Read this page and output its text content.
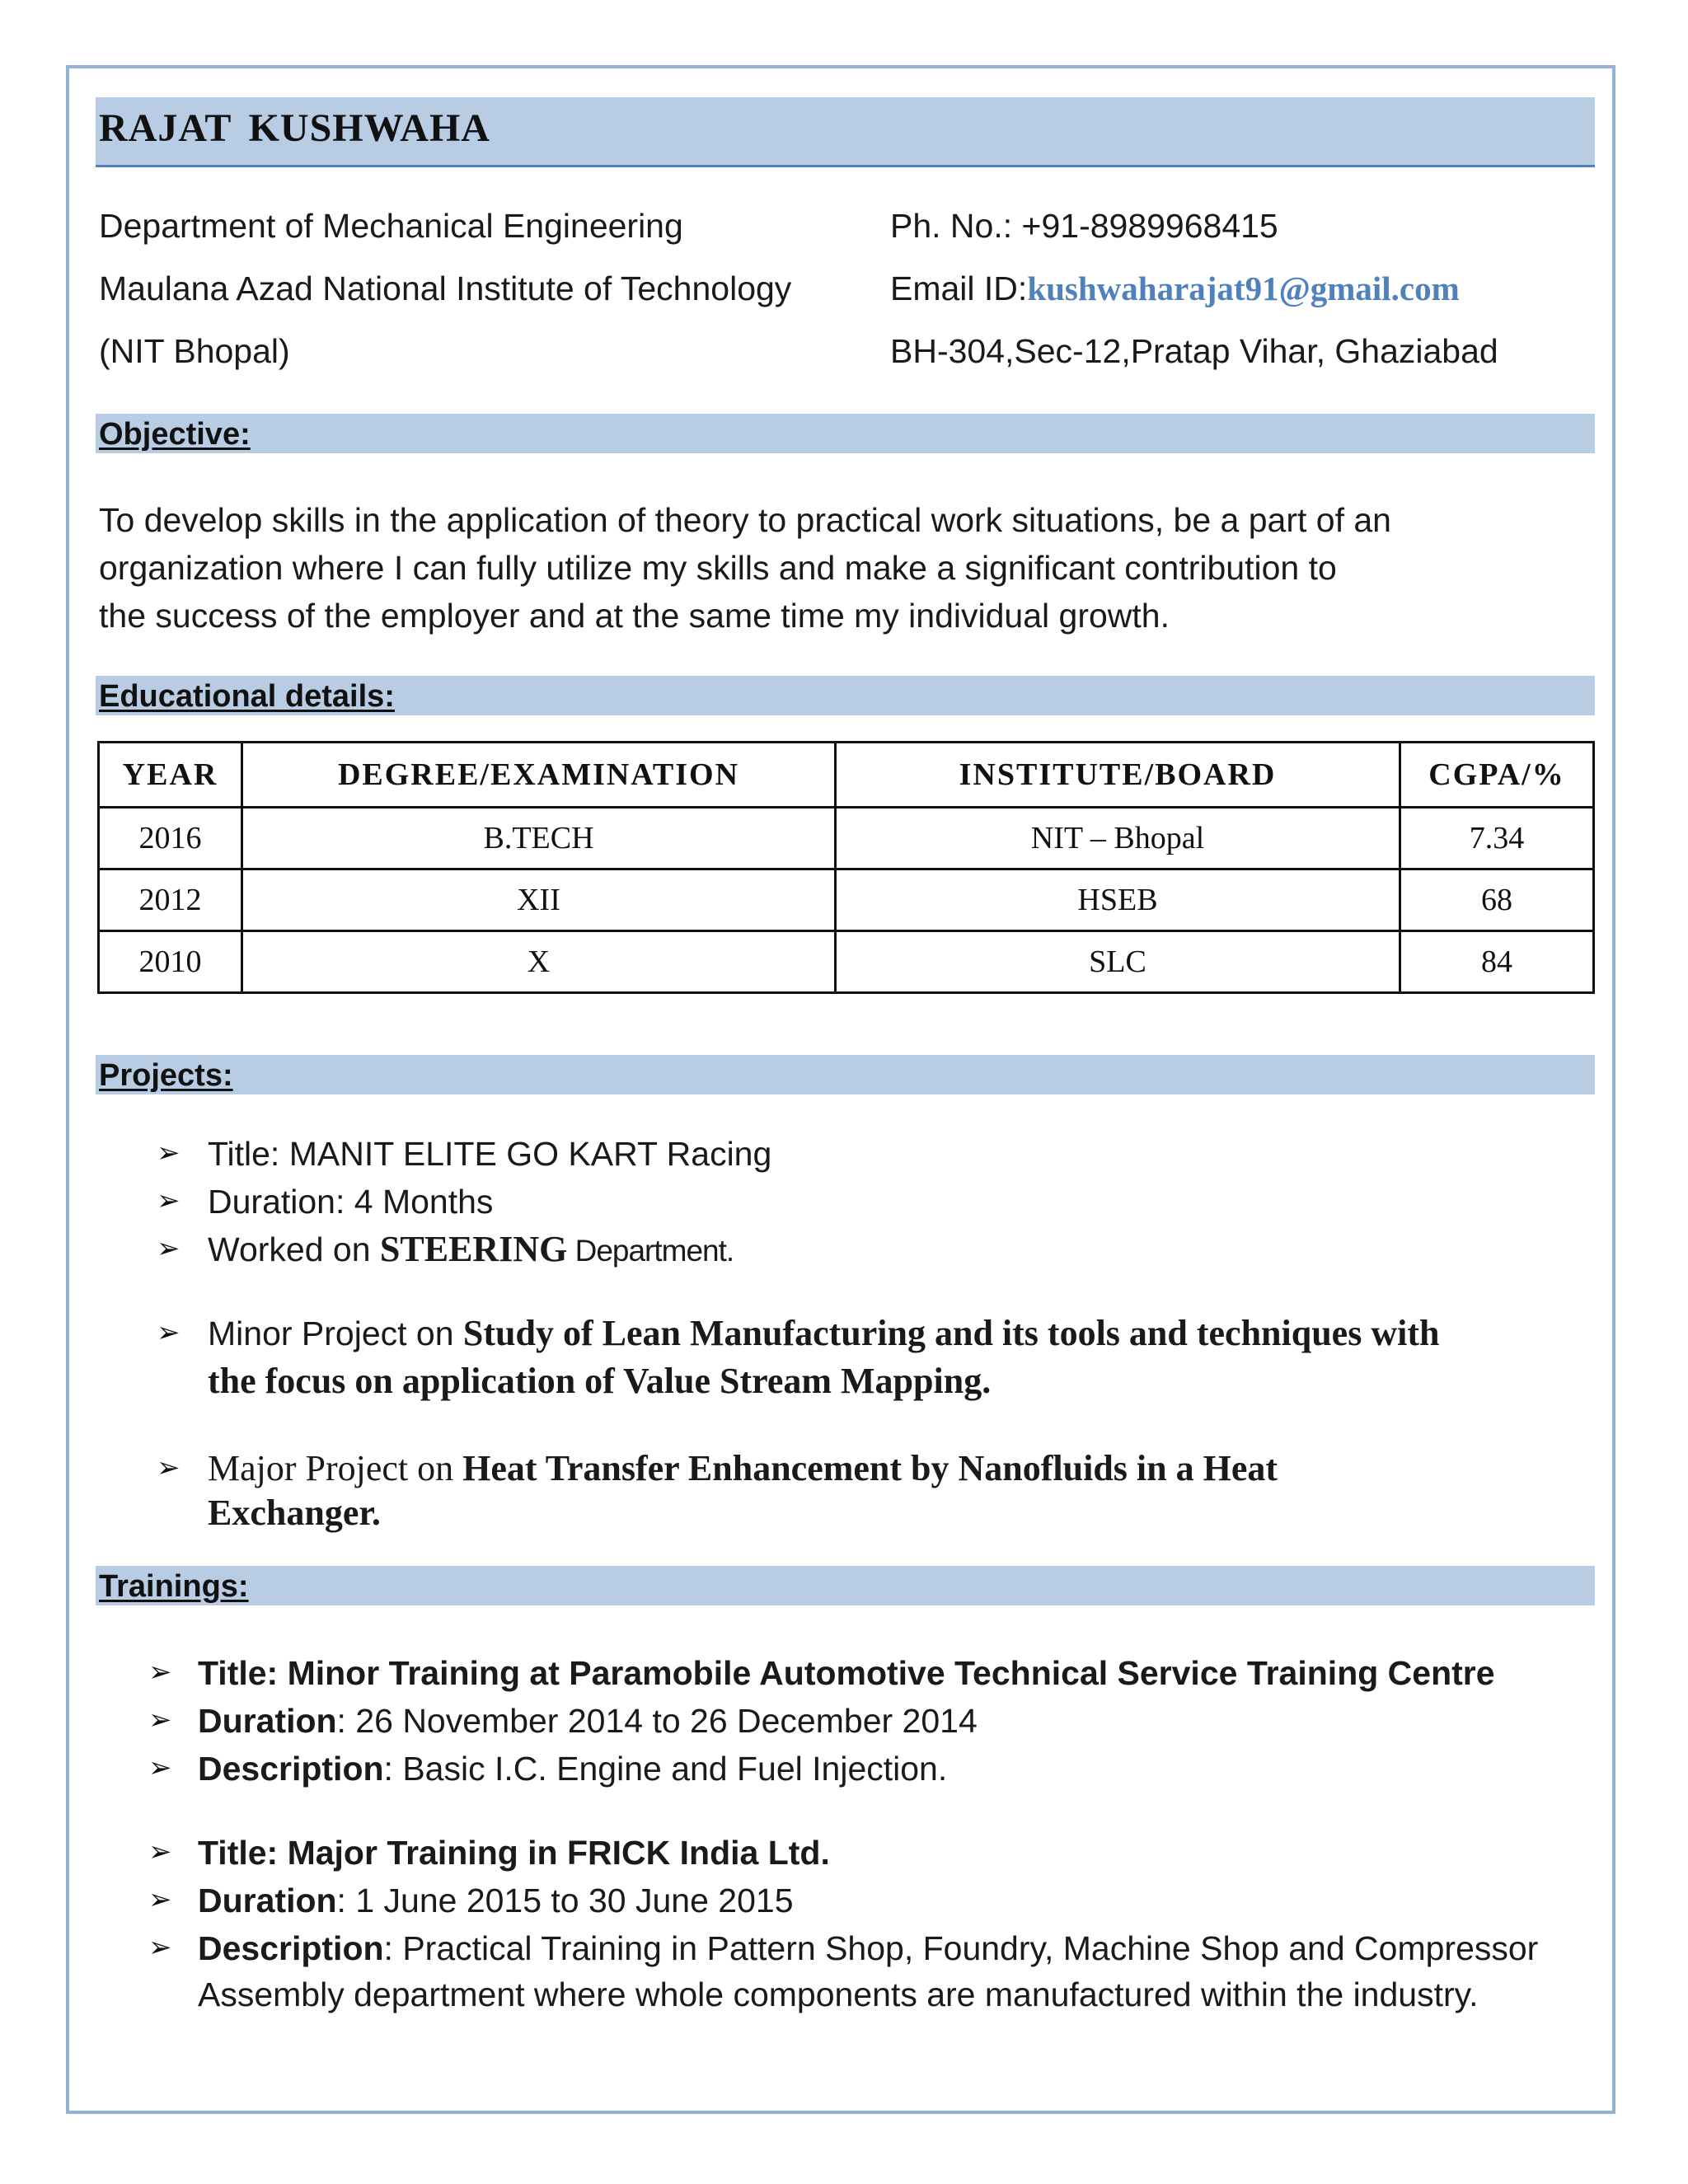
RAJAT KUSHWAHA
Department of Mechanical Engineering
Maulana Azad National Institute of Technology
(NIT Bhopal)
Ph. No.: +91-8989968415
Email ID:kushwaharajat91@gmail.com
BH-304,Sec-12,Pratap Vihar, Ghaziabad
Objective:
To develop skills in the application of theory to practical work situations, be a part of an
organization where I can fully utilize my skills and make a significant contribution to
the success of the employer and at the same time my individual growth.
Educational details:
YEAR	DEGREE/EXAMINATION	INSTITUTE/BOARD	CGPA/%
2016	B.TECH	NIT – Bhopal	7.34
2012	XII	HSEB	68
2010	X	SLC	84
Projects:
Title: MANIT ELITE GO KART Racing
Duration: 4 Months
Worked on STEERING Department.
Minor Project on Study of Lean Manufacturing and its tools and techniques with
the focus on application of Value Stream Mapping.
Major Project on Heat Transfer Enhancement by Nanofluids in a Heat
Exchanger.
➢
➢
➢
➢
➢
Trainings:
Title: Minor Training at Paramobile Automotive Technical Service Training Centre
Duration: 26 November 2014 to 26 December 2014
Description: Basic I.C. Engine and Fuel Injection.
Title: Major Training in FRICK India Ltd.
Duration: 1 June 2015 to 30 June 2015
Description: Practical Training in Pattern Shop, Foundry, Machine Shop and Compressor
Assembly department where whole components are manufactured within the industry.
➢
➢
➢
➢
➢
➢
